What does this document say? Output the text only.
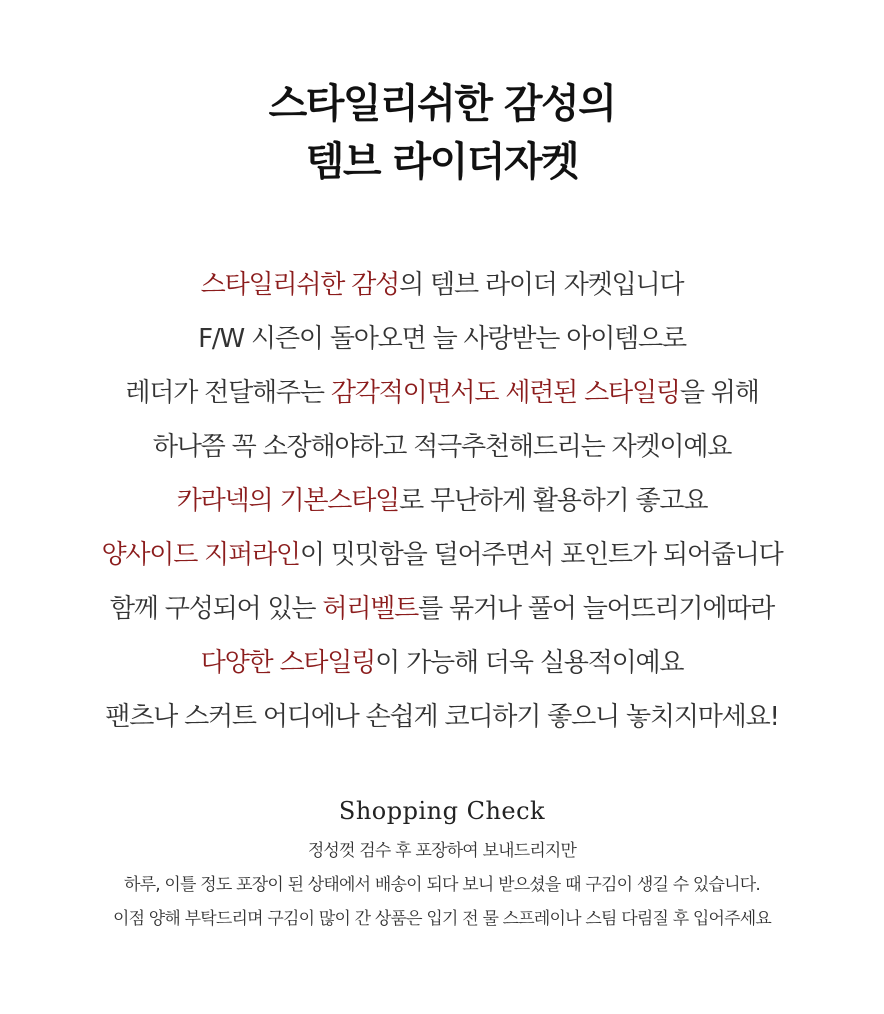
스타일리쉬한 감성의
템브 라이더자켓
스타일리쉬한 감성의 템브 라이더 자켓입니다
F/W 시즌이 돌아오면 늘 사랑받는 아이템으로
레더가 전달해주는 감각적이면서도 세련된 스타일링을 위해
하나쯤 꼭 소장해야하고 적극추천해드리는 자켓이예요
카라넥의 기본스타일로 무난하게 활용하기 좋고요
양사이드 지퍼라인이 밋밋함을 덜어주면서 포인트가 되어줍니다
함께 구성되어 있는 허리벨트를 묶거나 풀어 늘어뜨리기에따라
다양한 스타일링이 가능해 더욱 실용적이예요
팬츠나 스커트 어디에나 손쉽게 코디하기 좋으니 놓치지마세요!
Shopping Check
정성껏 검수 후 포장하여 보내드리지만
하루, 이틀 정도 포장이 된 상태에서 배송이 되다 보니 받으셨을 때 구김이 생길 수 있습니다.
이점 양해 부탁드리며 구김이 많이 간 상품은 입기 전 물 스프레이나 스팀 다림질 후 입어주세요
